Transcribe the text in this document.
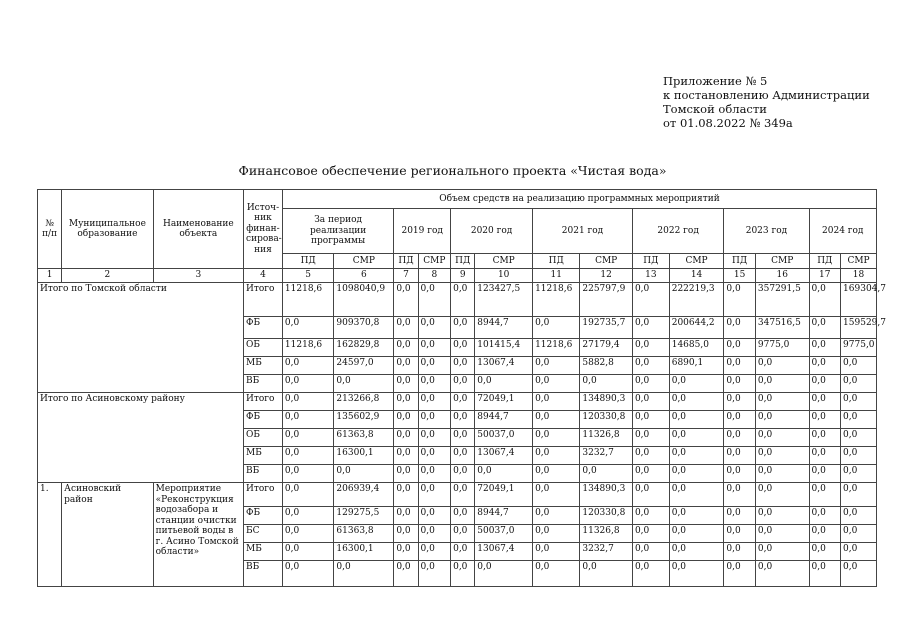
Приложение № 5
к постановлению Администрации
Томской области
от 01.08.2022 № 349а
Финансовое обеспечение регионального проекта «Чистая вода»
№ п/п	Муниципальное образование	Наименование объекта	Источ-ник финан-сирова-ния	Объем средств на реализацию программных мероприятий													
				За период реализации программы		2019 год		2020 год		2021 год		2022 год		2023 год		2024 год	
				ПД	СМР	ПД	СМР	ПД	СМР	ПД	СМР	ПД	СМР	ПД	СМР	ПД	СМР
1	2	3	4	5	6	7	8	9	10	11	12	13	14	15	16	17	18
Итого по Томской области			Итого	11218,6	1098040,9	0,0	0,0	0,0	123427,5	11218,6	225797,9	0,0	222219,3	0,0	357291,5	0,0	169304,7
			ФБ	0,0	909370,8	0,0	0,0	0,0	8944,7	0,0	192735,7	0,0	200644,2	0,0	347516,5	0,0	159529,7
			ОБ	11218,6	162829,8	0,0	0,0	0,0	101415,4	11218,6	27179,4	0,0	14685,0	0,0	9775,0	0,0	9775,0
			МБ	0,0	24597,0	0,0	0,0	0,0	13067,4	0,0	5882,8	0,0	6890,1	0,0	0,0	0,0	0,0
			ВБ	0,0	0,0	0,0	0,0	0,0	0,0	0,0	0,0	0,0	0,0	0,0	0,0	0,0	0,0
Итого по Асиновскому району			Итого	0,0	213266,8	0,0	0,0	0,0	72049,1	0,0	134890,3	0,0	0,0	0,0	0,0	0,0	0,0
			ФБ	0,0	135602,9	0,0	0,0	0,0	8944,7	0,0	120330,8	0,0	0,0	0,0	0,0	0,0	0,0
			ОБ	0,0	61363,8	0,0	0,0	0,0	50037,0	0,0	11326,8	0,0	0,0	0,0	0,0	0,0	0,0
			МБ	0,0	16300,1	0,0	0,0	0,0	13067,4	0,0	3232,7	0,0	0,0	0,0	0,0	0,0	0,0
			ВБ	0,0	0,0	0,0	0,0	0,0	0,0	0,0	0,0	0,0	0,0	0,0	0,0	0,0	0,0
1.	Асиновский район	Мероприятие «Реконструкция водозабора и станции очистки питьевой воды в г. Асино Томской области»	Итого	0,0	206939,4	0,0	0,0	0,0	72049,1	0,0	134890,3	0,0	0,0	0,0	0,0	0,0	0,0
			ФБ	0,0	129275,5	0,0	0,0	0,0	8944,7	0,0	120330,8	0,0	0,0	0,0	0,0	0,0	0,0
			БС	0,0	61363,8	0,0	0,0	0,0	50037,0	0,0	11326,8	0,0	0,0	0,0	0,0	0,0	0,0
			МБ	0,0	16300,1	0,0	0,0	0,0	13067,4	0,0	3232,7	0,0	0,0	0,0	0,0	0,0	0,0
			ВБ	0,0	0,0	0,0	0,0	0,0	0,0	0,0	0,0	0,0	0,0	0,0	0,0	0,0	0,0
